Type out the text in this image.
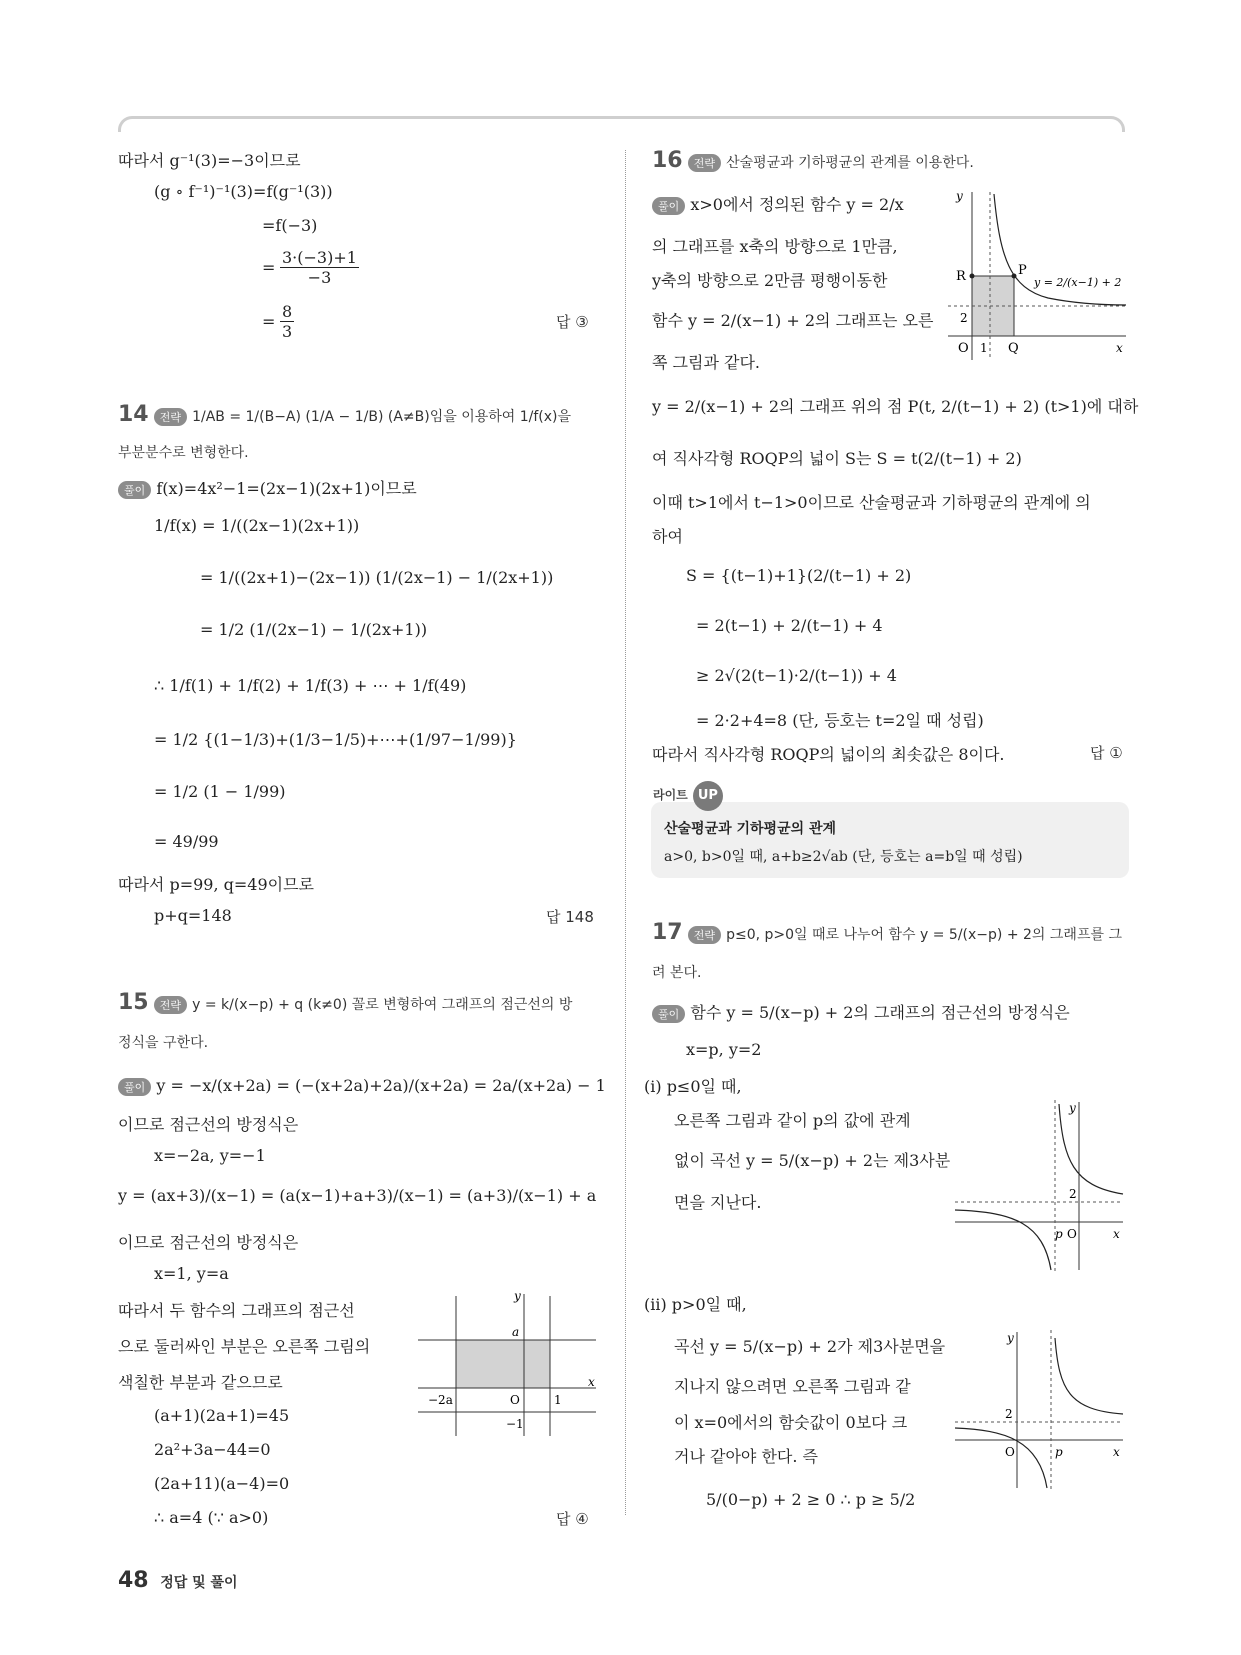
따라서 g⁻¹(3)=−3이므로
(g ∘ f⁻¹)⁻¹(3)=f(g⁻¹(3))
=f(−3)
=
3·(−3)+1
−3
=
8
3	답 ③
14 전략 1/AB = 1/(B−A) (1/A − 1/B) (A≠B)임을 이용하여 1/f(x)을
부분분수로 변형한다.
풀이 f(x)=4x²−1=(2x−1)(2x+1)이므로
1/f(x) = 1/((2x−1)(2x+1))
= 1/((2x+1)−(2x−1)) (1/(2x−1) − 1/(2x+1))
= 1/2 (1/(2x−1) − 1/(2x+1))
∴ 1/f(1) + 1/f(2) + 1/f(3) + ⋯ + 1/f(49)
= 1/2 {(1−1/3)+(1/3−1/5)+⋯+(1/97−1/99)}
= 1/2 (1 − 1/99)
= 49/99
따라서 p=99, q=49이므로
p+q=148	답 148
15 전략 y = k/(x−p) + q (k≠0) 꼴로 변형하여 그래프의 점근선의 방
정식을 구한다.
풀이 y = −x/(x+2a) = (−(x+2a)+2a)/(x+2a) = 2a/(x+2a) − 1
이므로 점근선의 방정식은
x=−2a, y=−1
y = (ax+3)/(x−1) = (a(x−1)+a+3)/(x−1) = (a+3)/(x−1) + a
이므로 점근선의 방정식은
x=1, y=a
따라서 두 함수의 그래프의 점근선
으로 둘러싸인 부분은 오른쪽 그림의
색칠한 부분과 같으므로
(a+1)(2a+1)=45
2a²+3a−44=0
(2a+11)(a−4)=0
∴ a=4 (∵ a>0)	답 ④
y
x
a
−2a	O	1
−1
16 전략 산술평균과 기하평균의 관계를 이용한다.
풀이 x>0에서 정의된 함수 y = 2/x
의 그래프를 x축의 방향으로 1만큼,
y축의 방향으로 2만큼 평행이동한
함수 y = 2/(x−1) + 2의 그래프는 오른
쪽 그림과 같다.
y
x
R	P
O 1 Q
2
y = 2/(x−1) + 2
y = 2/(x−1) + 2의 그래프 위의 점 P(t, 2/(t−1) + 2) (t>1)에 대하
여 직사각형 ROQP의 넓이 S는 S = t(2/(t−1) + 2)
이때 t>1에서 t−1>0이므로 산술평균과 기하평균의 관계에 의
하여
S = {(t−1)+1}(2/(t−1) + 2)
= 2(t−1) + 2/(t−1) + 4
≥ 2√(2(t−1)·2/(t−1)) + 4
= 2·2+4=8 (단, 등호는 t=2일 때 성립)
따라서 직사각형 ROQP의 넓이의 최솟값은 8이다.	답 ①
라이트 UP
산술평균과 기하평균의 관계
a>0, b>0일 때, a+b≥2√ab (단, 등호는 a=b일 때 성립)
17 전략 p≤0, p>0일 때로 나누어 함수 y = 5/(x−p) + 2의 그래프를 그
려 본다.
풀이 함수 y = 5/(x−p) + 2의 그래프의 점근선의 방정식은
x=p, y=2
(ⅰ) p≤0일 때,
오른쪽 그림과 같이 p의 값에 관계
없이 곡선 y = 5/(x−p) + 2는 제3사분
면을 지난다.
y
x
2
p O
(ⅱ) p>0일 때,
곡선 y = 5/(x−p) + 2가 제3사분면을
지나지 않으려면 오른쪽 그림과 같
이 x=0에서의 함숫값이 0보다 크
거나 같아야 한다. 즉
5/(0−p) + 2 ≥ 0 ∴ p ≥ 5/2
y
x
2
p
O
48 정답 및 풀이
